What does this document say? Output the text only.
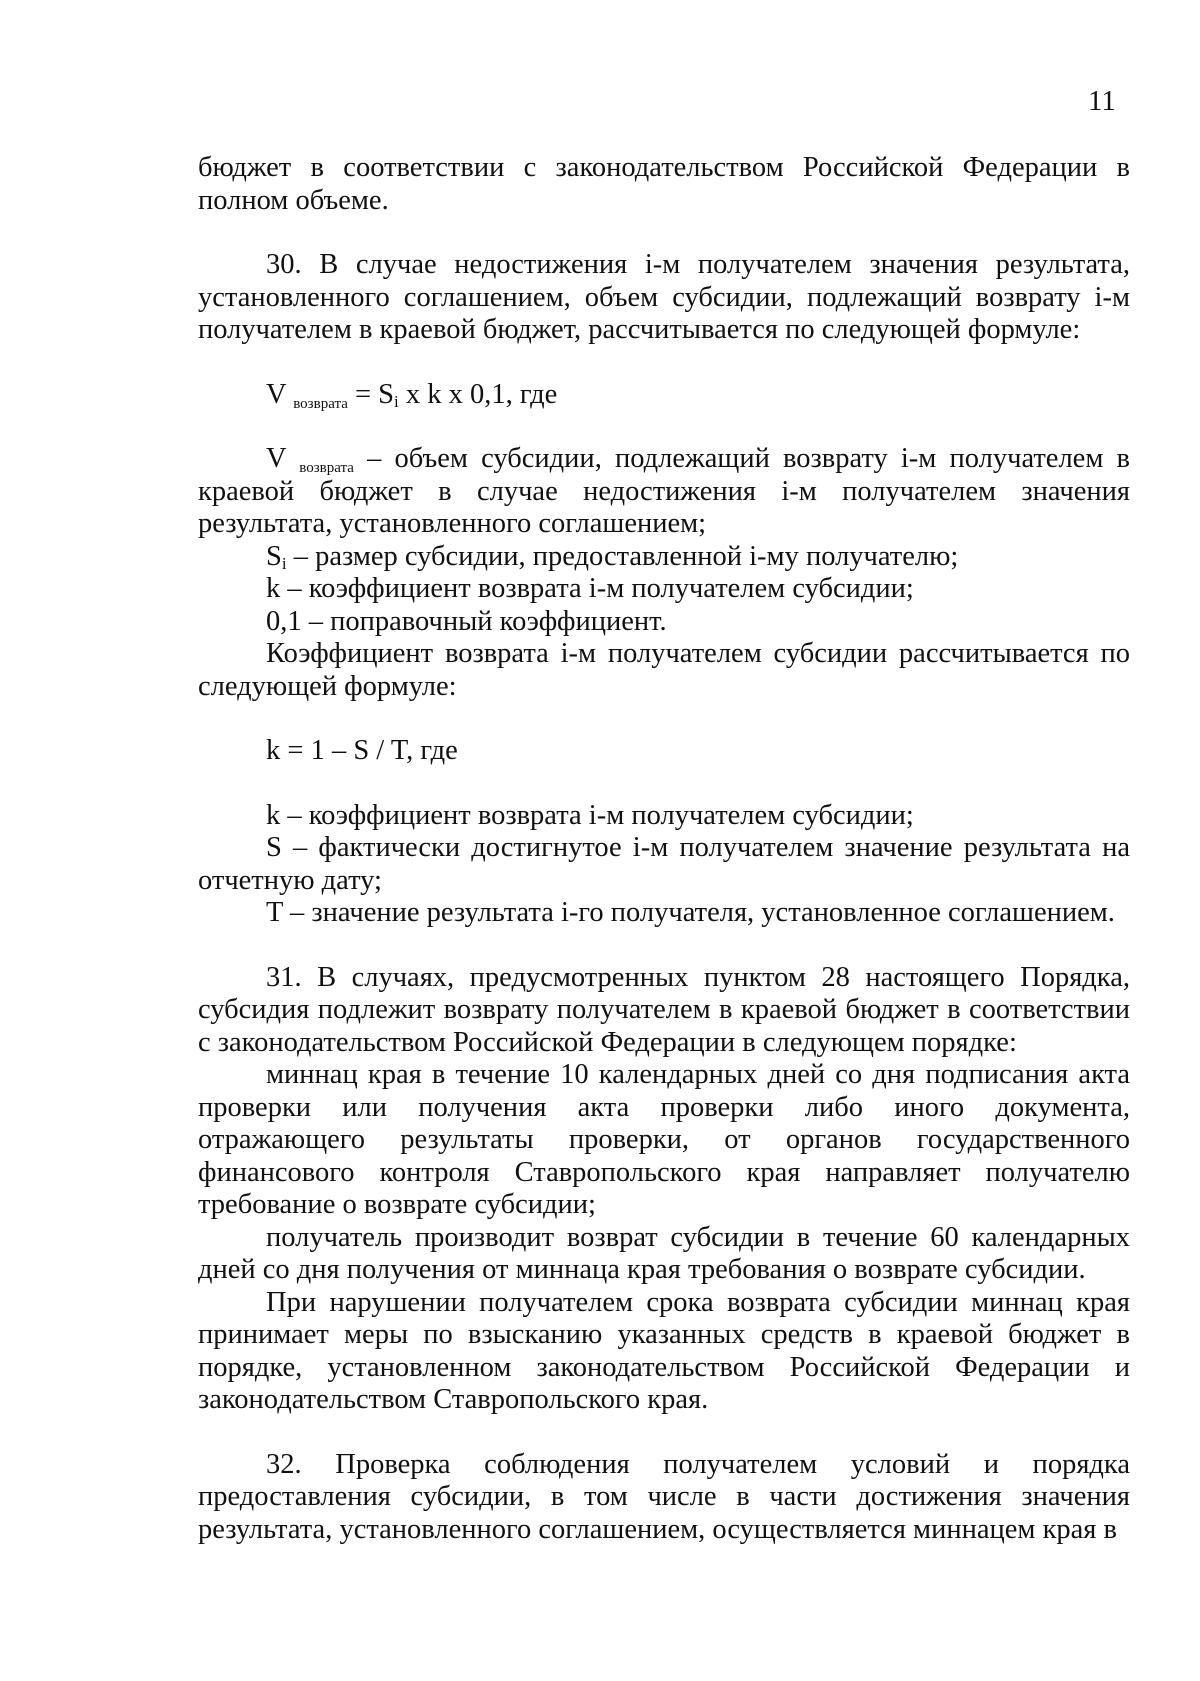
11

бюджет в соответствии с законодательством Российской Федерации в полном объеме.

30. В случае недостижения i-м получателем значения результата, установленного соглашением, объем субсидии, подлежащий возврату i-м получателем в краевой бюджет, рассчитывается по следующей формуле:

V $_{возврата} = S_i$ x k x 0,1, где

V $_{возврата}$ – объем субсидии, подлежащий возврату i-м получателем в краевой бюджет в случае недостижения i-м получателем значения результата, установленного соглашением;

$S_i$ – размер субсидии, предоставленной i-му получателю;

k – коэффициент возврата i-м получателем субсидии;

0,1 – поправочный коэффициент.

Коэффициент возврата i-м получателем субсидии рассчитывается по следующей формуле:

k = 1 – S / T, где

k – коэффициент возврата i-м получателем субсидии;

S – фактически достигнутое i-м получателем значение результата на отчетную дату;

T – значение результата i-го получателя, установленное соглашением.

31. В случаях, предусмотренных пунктом 28 настоящего Порядка, субсидия подлежит возврату получателем в краевой бюджет в соответствии с законодательством Российской Федерации в следующем порядке:

миннац края в течение 10 календарных дней со дня подписания акта проверки или получения акта проверки либо иного документа, отражающего результаты проверки, от органов государственного финансового контроля Ставропольского края направляет получателю требование о возврате субсидии;

получатель производит возврат субсидии в течение 60 календарных дней со дня получения от миннаца края требования о возврате субсидии.

При нарушении получателем срока возврата субсидии миннац края принимает меры по взысканию указанных средств в краевой бюджет в порядке, установленном законодательством Российской Федерации и законодательством Ставропольского края.

32. Проверка соблюдения получателем условий и порядка предоставления субсидии, в том числе в части достижения значения результата, установленного соглашением, осуществляется миннацем края в
